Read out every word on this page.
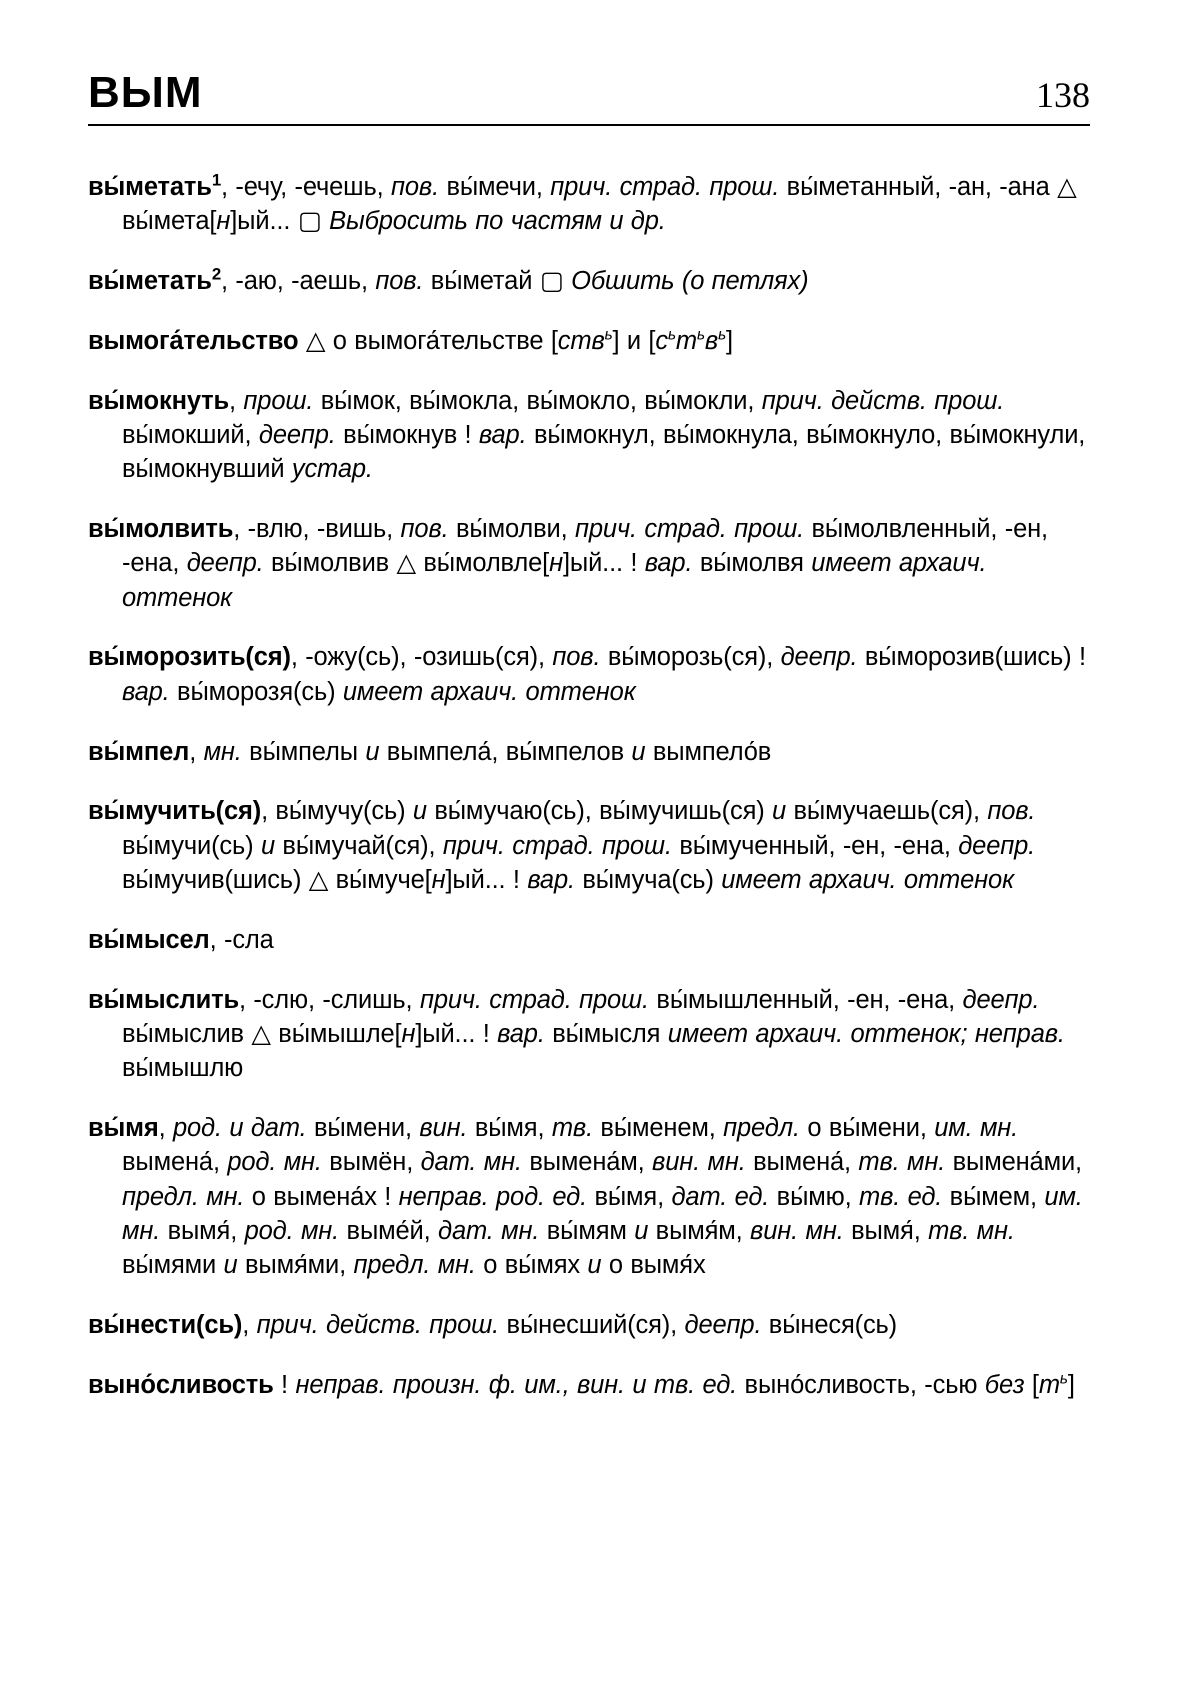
ВЫМ	138

вы́метать$^1$, -ечу, -ечешь, пов. вы́мечи, прич. страд. прош. вы́метанный, -ан, -ана △ вы́мета[н]ый... ▢ Выбросить по частям и др.

вы́метать$^2$, -аю, -аешь, пов. вы́метай ▢ Обшить (о петлях)

вымога́тельство △ о вымога́тельстве [ств$^ь$] и $[с^ьт^ьв^ь]$

вы́мокнуть, прош. вы́мок, вы́мокла, вы́мокло, вы́мокли, прич. действ. прош. вы́мокший, деепр. вы́мокнув ! вар. вы́мокнул, вы́мокнула, вы́мокнуло, вы́мокнули, вы́мокнувший устар.

вы́молвить, -влю, -вишь, пов. вы́молви, прич. страд. прош. вы́молвленный, -ен, -ена, деепр. вы́молвив △ вы́молвле[н]ый... ! вар. вы́молвя имеет архаич. оттенок

вы́морозить(ся), -ожу(сь), -озишь(ся), пов. вы́морозь(ся), деепр. вы́морозив(шись) ! вар. вы́морозя(сь) имеет архаич. оттенок

вы́мпел, мн. вы́мпелы и вымпела́, вы́мпелов и вымпело́в

вы́мучить(ся), вы́мучу(сь) и вы́мучаю(сь), вы́мучишь(ся) и вы́мучаешь(ся), пов. вы́мучи(сь) и вы́мучай(ся), прич. страд. прош. вы́мученный, -ен, -ена, деепр. вы́мучив(шись) △ вы́муче[н]ый... ! вар. вы́муча(сь) имеет архаич. оттенок

вы́мысел, -сла

вы́мыслить, -слю, -слишь, прич. страд. прош. вы́мышленный, -ен, -ена, деепр. вы́мыслив △ вы́мышле[н]ый... ! вар. вы́мысля имеет архаич. оттенок; неправ. вы́мышлю

вы́мя, род. и дат. вы́мени, вин. вы́мя, тв. вы́менем, предл. о вы́мени, им. мн. вымена́, род. мн. вымён, дат. мн. вымена́м, вин. мн. вымена́, тв. мн. вымена́ми, предл. мн. о вымена́х ! неправ. род. ед. вы́мя, дат. ед. вы́мю, тв. ед. вы́мем, им. мн. вымя́, род. мн. выме́й, дат. мн. вы́мям и вымя́м, вин. мн. вымя́, тв. мн. вы́мями и вымя́ми, предл. мн. о вы́мях и о вымя́х

вы́нести(сь), прич. действ. прош. вы́несший(ся), деепр. вы́неся(сь)

выно́сливость ! неправ. произн. ф. им., вин. и тв. ед. выно́сливость, -сью без $[т^ь]$
